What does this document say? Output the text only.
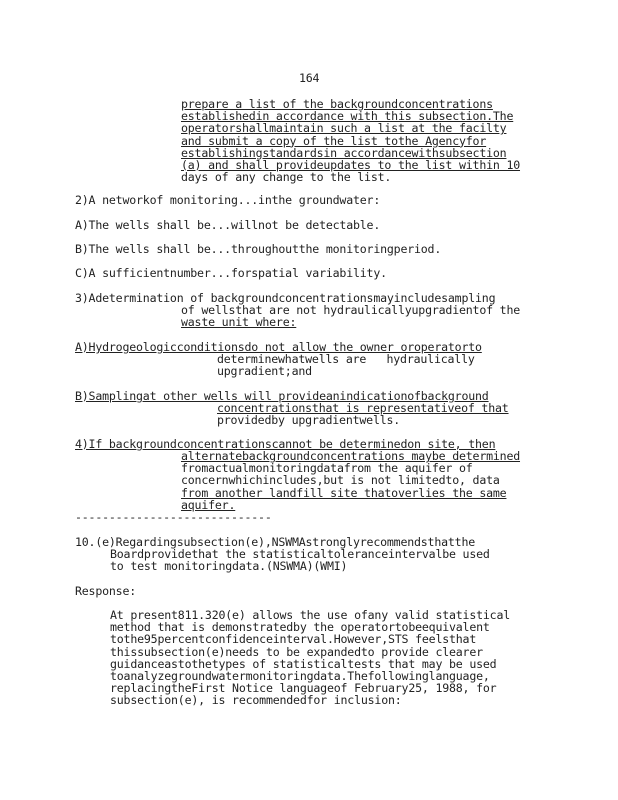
164
prepare a list of the backgroundconcentrations
establishedin accordance with this subsection.The
operatorshallmaintain such a list at the facilty
and submit a copy of the list tothe Agencyfor
establishingstandardsin accordancewithsubsection
(a) and shall provideupdates to the list within 10
days of any change to the list.
2)A networkof monitoring...inthe groundwater:
A)The wells shall be...willnot be detectable.
B)The wells shall be...throughoutthe monitoringperiod.
C)A sufficientnumber...forspatial variability.
3)Adetermination of backgroundconcentrationsmayincludesampling
of wellsthat are not hydraulicallyupgradientof the
waste unit where:
A)Hydrogeologicconditionsdo not allow the owner oroperatorto
determinewhatwells are   hydraulically
upgradient;and
B)Samplingat other wells will provideanindicationofbackground
concentrationsthat is representativeof that
providedby upgradientwells.
4)If backgroundconcentrationscannot be determinedon site, then
alternatebackgroundconcentrations maybe determined
fromactualmonitoringdatafrom the aquifer of
concernwhichincludes,but is not limitedto, data
from another landfill site thatoverlies the same
aquifer.
-----------------------------
10.(e)Regardingsubsection(e),NSWMAstronglyrecommendsthatthe
Boardprovidethat the statisticaltoleranceintervalbe used
to test monitoringdata.(NSWMA)(WMI)
Response:
At present811.320(e) allows the use ofany valid statistical
method that is demonstratedby the operatortobeequivalent
tothe95percentconfidenceinterval.However,STS feelsthat
thissubsection(e)needs to be expandedto provide clearer
guidanceastothetypes of statisticaltests that may be used
toanalyzegroundwatermonitoringdata.Thefollowinglanguage,
replacingtheFirst Notice languageof February25, 1988, for
subsection(e), is recommendedfor inclusion:
